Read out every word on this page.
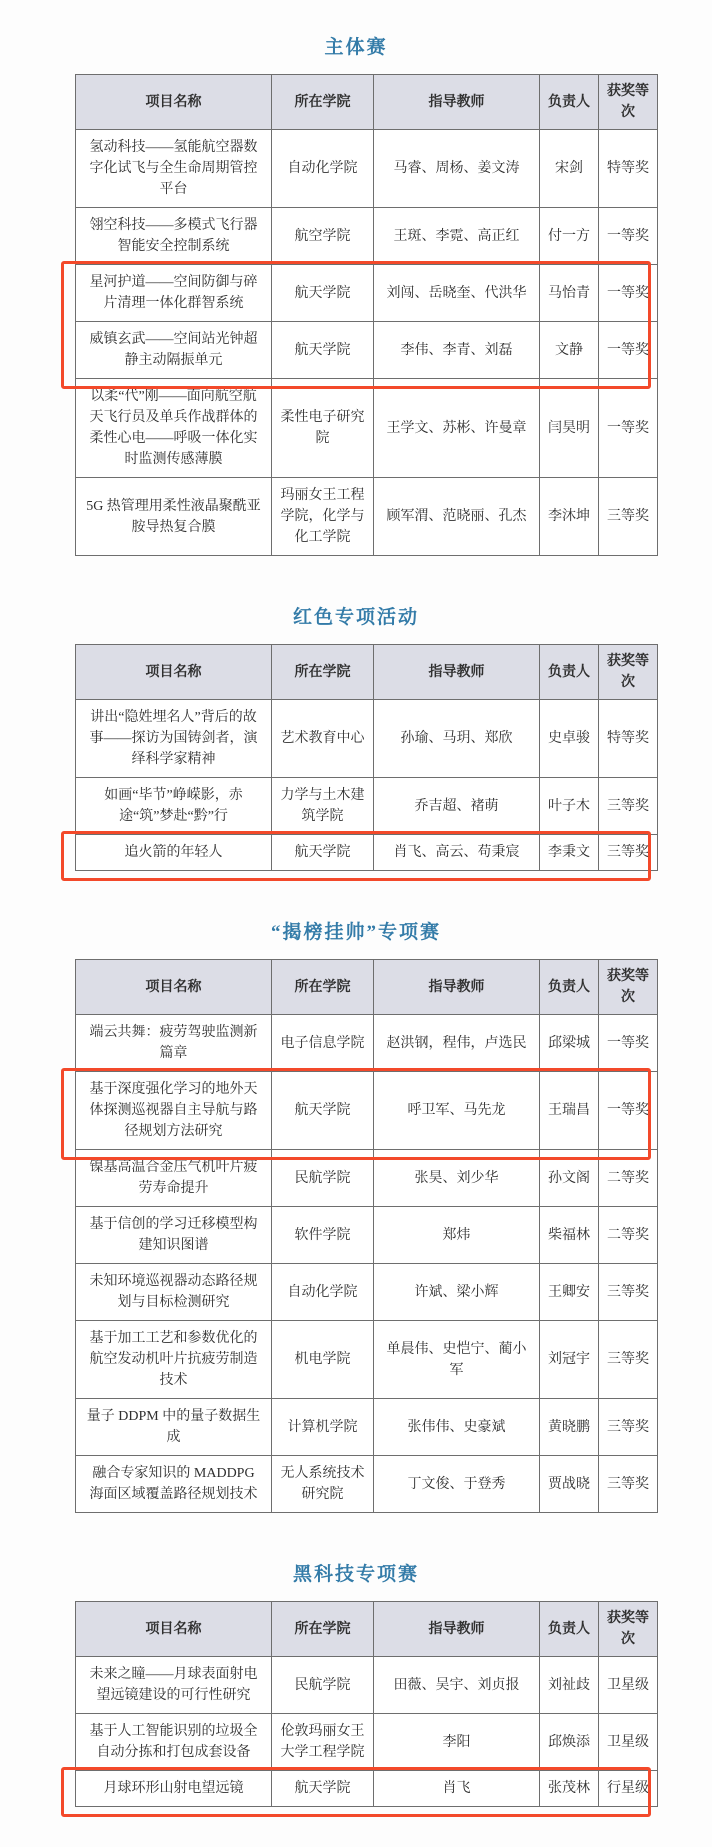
主体赛
项目名称	所在学院	指导教师	负责人	获奖等次
氢动科技——氢能航空器数字化试飞与全生命周期管控平台	自动化学院	马睿、周杨、姜文涛	宋剑	特等奖
翎空科技——多模式飞行器智能安全控制系统	航空学院	王斑、李霓、高正红	付一方	一等奖
星河护道——空间防御与碎片清理一体化群智系统	航天学院	刘闯、岳晓奎、代洪华	马怡青	一等奖
威镇玄武——空间站光钟超静主动隔振单元	航天学院	李伟、李青、刘磊	文静	一等奖
以柔“代”刚——面向航空航天飞行员及单兵作战群体的柔性心电——呼吸一体化实时监测传感薄膜	柔性电子研究院	王学文、苏彬、许曼章	闫昊明	一等奖
5G 热管理用柔性液晶聚酰亚胺导热复合膜	玛丽女王工程学院，化学与化工学院	顾军渭、范晓丽、孔杰	李沐坤	三等奖
红色专项活动
项目名称	所在学院	指导教师	负责人	获奖等次
讲出“隐姓埋名人”背后的故事——探访为国铸剑者，演绎科学家精神	艺术教育中心	孙瑜、马玥、郑欣	史卓骏	特等奖
如画“毕节”峥嵘影，赤途“筑”梦赴“黔”行	力学与土木建筑学院	乔吉超、褚萌	叶子木	三等奖
追火箭的年轻人	航天学院	肖飞、高云、苟秉宸	李秉文	三等奖
“揭榜挂帅”专项赛
项目名称	所在学院	指导教师	负责人	获奖等次
端云共舞：疲劳驾驶监测新篇章	电子信息学院	赵洪钢，程伟，卢选民	邱梁城	一等奖
基于深度强化学习的地外天体探测巡视器自主导航与路径规划方法研究	航天学院	呼卫军、马先龙	王瑞昌	一等奖
镍基高温合金压气机叶片疲劳寿命提升	民航学院	张昊、刘少华	孙文阁	二等奖
基于信创的学习迁移模型构建知识图谱	软件学院	郑炜	柴福林	二等奖
未知环境巡视器动态路径规划与目标检测研究	自动化学院	许斌、梁小辉	王卿安	三等奖
基于加工工艺和参数优化的航空发动机叶片抗疲劳制造技术	机电学院	单晨伟、史恺宁、蔺小军	刘冠宇	三等奖
量子 DDPM 中的量子数据生成	计算机学院	张伟伟、史豪斌	黄晓鹏	三等奖
融合专家知识的 MADDPG 海面区域覆盖路径规划技术	无人系统技术研究院	丁文俊、于登秀	贾战晓	三等奖
黑科技专项赛
项目名称	所在学院	指导教师	负责人	获奖等次
未来之瞳——月球表面射电望远镜建设的可行性研究	民航学院	田薇、吴宇、刘贞报	刘祉歧	卫星级
基于人工智能识别的垃圾全自动分拣和打包成套设备	伦敦玛丽女王大学工程学院	李阳	邱焕添	卫星级
月球环形山射电望远镜	航天学院	肖飞	张茂林	行星级
